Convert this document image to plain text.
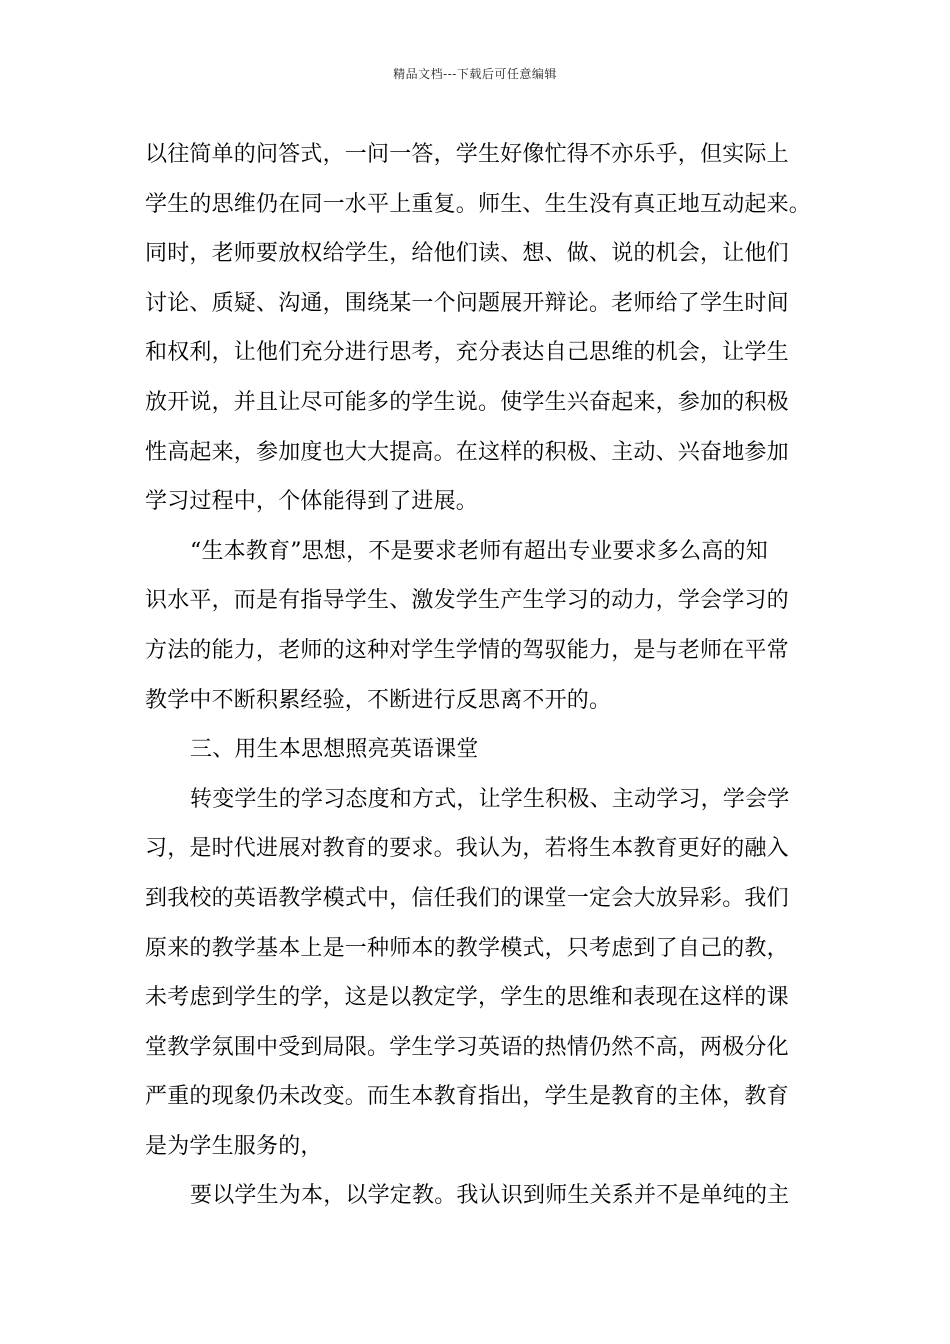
精品文档---下载后可任意编辑
以往简单的问答式，一问一答，学生好像忙得不亦乐乎，但实际上
学生的思维仍在同一水平上重复。师生、生生没有真正地互动起来。
同时，老师要放权给学生，给他们读、想、做、说的机会，让他们
讨论、质疑、沟通，围绕某一个问题展开辩论。老师给了学生时间
和权利，让他们充分进行思考，充分表达自己思维的机会，让学生
放开说，并且让尽可能多的学生说。使学生兴奋起来，参加的积极
性高起来，参加度也大大提高。在这样的积极、主动、兴奋地参加
学习过程中，个体能得到了进展。
“生本教育”思想，不是要求老师有超出专业要求多么高的知
识水平，而是有指导学生、激发学生产生学习的动力，学会学习的
方法的能力，老师的这种对学生学情的驾驭能力，是与老师在平常
教学中不断积累经验，不断进行反思离不开的。
三、用生本思想照亮英语课堂
转变学生的学习态度和方式，让学生积极、主动学习，学会学
习，是时代进展对教育的要求。我认为，若将生本教育更好的融入
到我校的英语教学模式中，信任我们的课堂一定会大放异彩。我们
原来的教学基本上是一种师本的教学模式，只考虑到了自己的教，
未考虑到学生的学，这是以教定学，学生的思维和表现在这样的课
堂教学氛围中受到局限。学生学习英语的热情仍然不高，两极分化
严重的现象仍未改变。而生本教育指出，学生是教育的主体，教育
是为学生服务的，
要以学生为本，以学定教。我认识到师生关系并不是单纯的主
